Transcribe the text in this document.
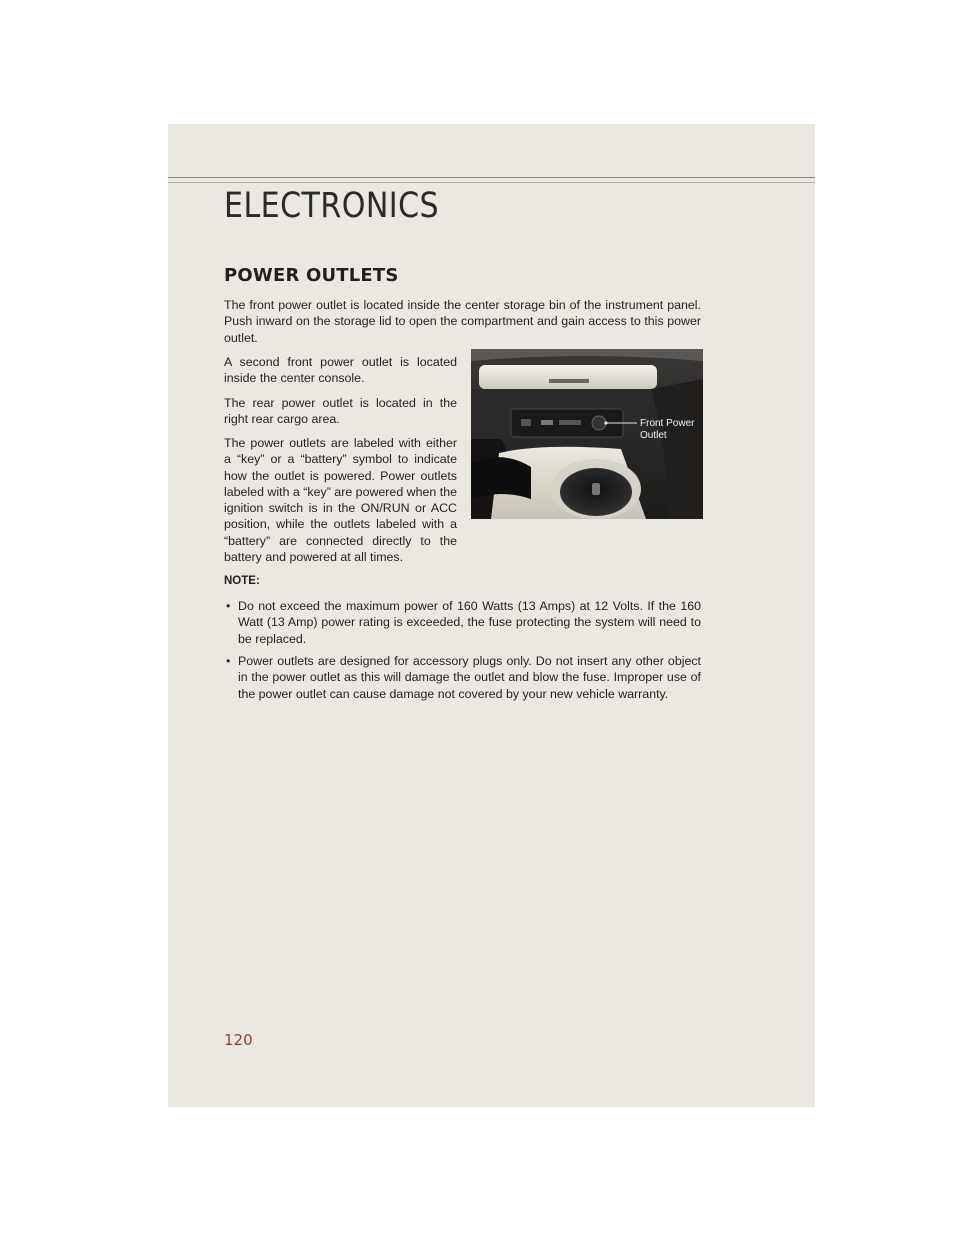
ELECTRONICS
POWER OUTLETS

The front power outlet is located inside the center storage bin of the instrument panel. Push inward on the storage lid to open the compartment and gain access to this power outlet.

A second front power outlet is located inside the center console.

The rear power outlet is located in the right rear cargo area.

The power outlets are labeled with either a “key” or a “battery” symbol to indicate how the outlet is powered. Power outlets labeled with a “key” are powered when the ignition switch is in the ON/RUN or ACC position, while the outlets labeled with a “battery” are connected directly to the battery and powered at all times.

Front Power
Outlet
NOTE:
• Do not exceed the maximum power of 160 Watts (13 Amps) at 12 Volts. If the 160 Watt (13 Amp) power rating is exceeded, the fuse protecting the system will need to be replaced.
• Power outlets are designed for accessory plugs only. Do not insert any other object in the power outlet as this will damage the outlet and blow the fuse. Improper use of the power outlet can cause damage not covered by your new vehicle warranty.
120
